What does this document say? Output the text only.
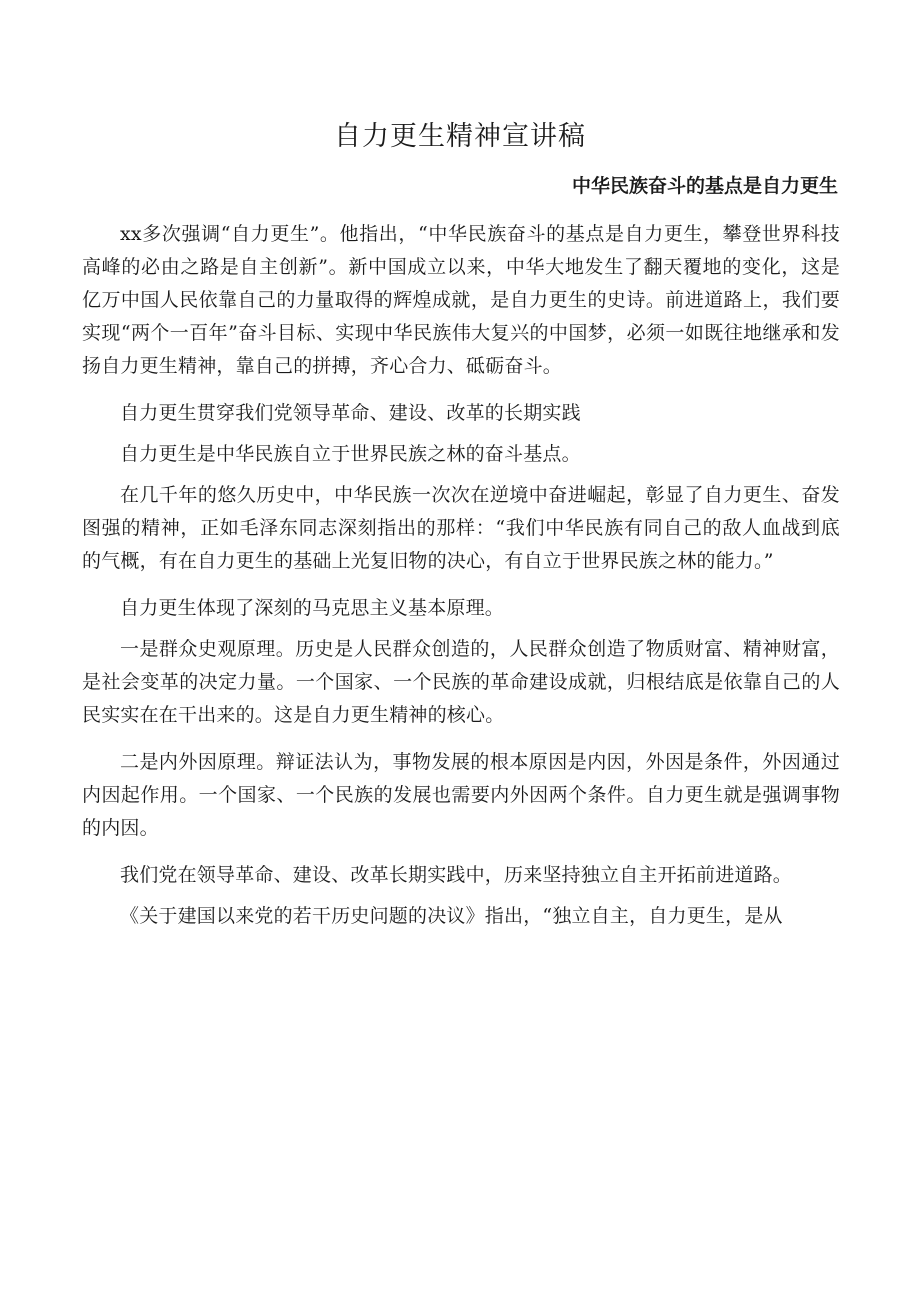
自力更生精神宣讲稿
中华民族奋斗的基点是自力更生

xx多次强调“自力更生”。他指出，“中华民族奋斗的基点是自力更生，攀登世界科技高峰的必由之路是自主创新”。新中国成立以来，中华大地发生了翻天覆地的变化，这是亿万中国人民依靠自己的力量取得的辉煌成就，是自力更生的史诗。前进道路上，我们要实现“两个一百年”奋斗目标、实现中华民族伟大复兴的中国梦，必须一如既往地继承和发扬自力更生精神，靠自己的拼搏，齐心合力、砥砺奋斗。

自力更生贯穿我们党领导革命、建设、改革的长期实践

自力更生是中华民族自立于世界民族之林的奋斗基点。

在几千年的悠久历史中，中华民族一次次在逆境中奋进崛起，彰显了自力更生、奋发图强的精神，正如毛泽东同志深刻指出的那样：“我们中华民族有同自己的敌人血战到底的气概，有在自力更生的基础上光复旧物的决心，有自立于世界民族之林的能力。”

自力更生体现了深刻的马克思主义基本原理。

一是群众史观原理。历史是人民群众创造的，人民群众创造了物质财富、精神财富，是社会变革的决定力量。一个国家、一个民族的革命建设成就，归根结底是依靠自己的人民实实在在干出来的。这是自力更生精神的核心。

二是内外因原理。辩证法认为，事物发展的根本原因是内因，外因是条件，外因通过内因起作用。一个国家、一个民族的发展也需要内外因两个条件。自力更生就是强调事物的内因。

我们党在领导革命、建设、改革长期实践中，历来坚持独立自主开拓前进道路。

《关于建国以来党的若干历史问题的决议》指出，“独立自主，自力更生，是从
